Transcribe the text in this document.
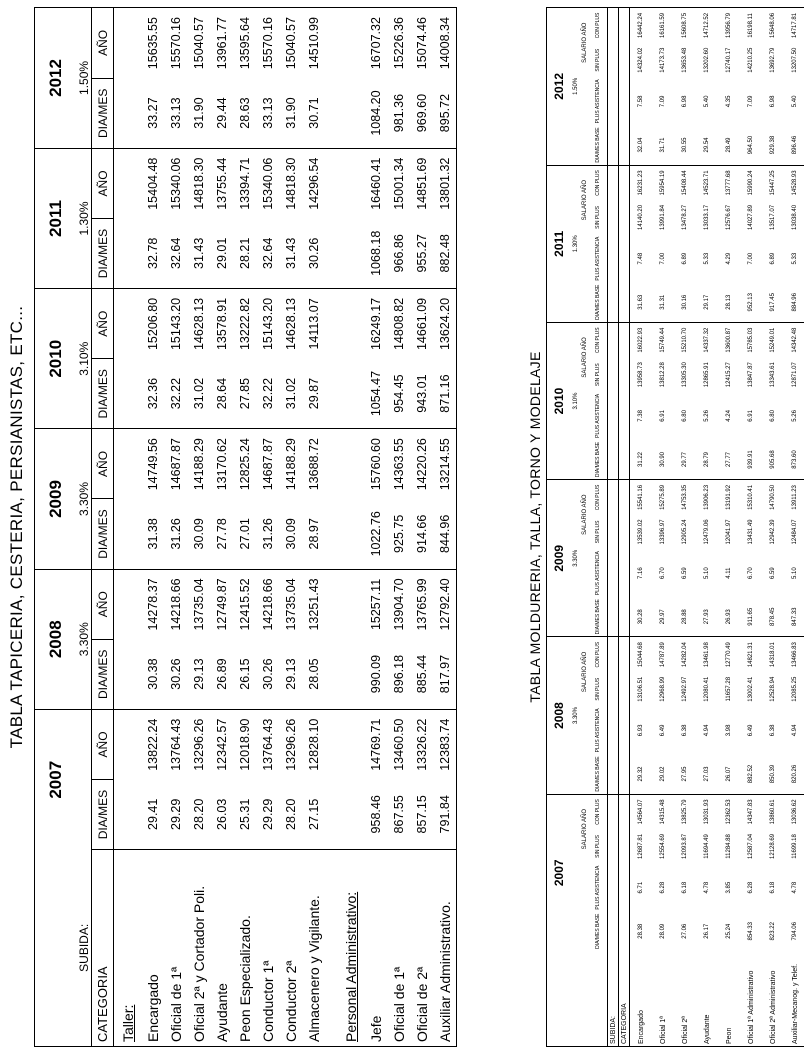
TABLA TAPICERIA, CESTERIA, PERSIANISTAS, ETC...
	2007		2008		2009		2010		2011		2012	
SUBIDA:			3.30%		3.30%		3.10%		1.30%		1.50%	
CATEGORIA	DIA/MES	AÑO	DIA/MES	AÑO	DIA/MES	AÑO	DIA/MES	AÑO	DIA/MES	AÑO	DIA/MES	AÑO
Taller:												
Encargado	29.41	13822.24	30.38	14278.37	31.38	14749.56	32.36	15206.80	32.78	15404.48	33.27	15635.55
Oficial de 1ª	29.29	13764.43	30.26	14218.66	31.26	14687.87	32.22	15143.20	32.64	15340.06	33.13	15570.16
Oficial 2ª y Cortador Poli.	28.20	13296.26	29.13	13735.04	30.09	14188.29	31.02	14628.13	31.43	14818.30	31.90	15040.57
Ayudante	26.03	12342.57	26.89	12749.87	27.78	13170.62	28.64	13578.91	29.01	13755.44	29.44	13961.77
Peon Especializado.	25.31	12018.90	26.15	12415.52	27.01	12825.24	27.85	13222.82	28.21	13394.71	28.63	13595.64
Conductor 1ª	29.29	13764.43	30.26	14218.66	31.26	14687.87	32.22	15143.20	32.64	15340.06	33.13	15570.16
Conductor 2ª	28.20	13296.26	29.13	13735.04	30.09	14188.29	31.02	14628.13	31.43	14818.30	31.90	15040.57
Almacenero y Vigilante.	27.15	12828.10	28.05	13251.43	28.97	13688.72	29.87	14113.07	30.26	14296.54	30.71	14510.99

Personal Administrativo:												
Jefe	958.46	14769.71	990.09	15257.11	1022.76	15760.60	1054.47	16249.17	1068.18	16460.41	1084.20	16707.32
Oficial de 1ª	867.55	13460.50	896.18	13904.70	925.75	14363.55	954.45	14808.82	966.86	15001.34	981.36	15226.36
Oficial de 2ª	857.15	13326.22	885.44	13765.99	914.66	14220.26	943.01	14661.09	955.27	14851.69	969.60	15074.46
Auxiliar Administrativo.	791.84	12383.74	817.97	12792.40	844.96	13214.55	871.16	13624.20	882.48	13801.32	895.72	14008.34
TABLA MOLDURERIA, TALLA, TORNO Y MODELAJE
	2007				2008				2009				2010				2011				2012			
					3.30%				3.30%				3.10%				1.30%				1.50%			
			SALARIO AÑO				SALARIO AÑO				SALARIO AÑO				SALARIO AÑO				SALARIO AÑO				SALARIO AÑO	
	DIA/MES BASE	PLUS ASISTENCIA	SIN PLUS	CON PLUS	DIA/MES BASE	PLUS ASISTENCIA	SIN PLUS	CON PLUS	DIA/MES BASE	PLUS ASISTENCIA	SIN PLUS	CON PLUS	DIA/MES BASE	PLUS ASISTENCIA	SIN PLUS	CON PLUS	DIA/MES BASE	PLUS ASISTENCIA	SIN PLUS	CON PLUS	DIA/MES BASE	PLUS ASISTENCIA	SIN PLUS	CON PLUS
SUBIDA:																								
CATEGORIA																								
Encargado	28.38	6.71	12687.81	14564.07	29.32	6.93	13106.51	15044.68	30.28	7.16	13539.02	15541.16	31.22	7.38	13958.73	16022.93	31.63	7.48	14140.20	16231.23	32.04	7.58	14324.02	16442.24
Oficial 1ª	28.09	6.28	12554.69	14315.48	29.02	6.49	12968.99	14787.89	29.97	6.70	13396.97	15275.89	30.90	6.91	13812.28	15749.44	31.31	7.00	13991.84	15954.19	31.71	7.09	14173.73	16161.59
Oficial 2ª	27.06	6.18	12093.87	13825.79	27.95	6.38	12492.97	14282.04	28.88	6.59	12905.24	14753.35	29.77	6.80	13305.30	15210.70	30.16	6.89	13478.27	15408.44	30.55	6.98	13653.48	15608.75
Ayudante	26.17	4.78	11694.49	13031.93	27.03	4.94	12080.41	13461.98	27.93	5.10	12479.06	13906.23	28.79	5.26	12865.91	14337.32	29.17	5.33	13033.17	14523.71	29.54	5.40	13202.60	14712.52
Peon	25.24	3.85	11284.88	12362.53	26.07	3.98	11657.28	12770.49	26.93	4.11	12041.97	13191.92	27.77	4.24	12415.27	13600.87	28.13	4.29	12576.67	13777.68	28.49	4.35	12740.17	13956.79
Oficial 1ª Administrativo	854.33	6.28	12587.04	14347.83	882.52	6.49	13002.41	14821.31	911.65	6.70	13431.49	15310.41	939.91	6.91	13847.87	15785.03	952.13	7.00	14027.89	15990.24	964.50	7.09	14210.25	16198.11
Oficial 2ª Administrativo	823.22	6.18	12128.69	13860.61	850.39	6.38	12528.94	14318.01	878.45	6.59	12942.39	14790.50	905.68	6.80	13343.61	15249.01	917.45	6.89	13517.07	15447.25	929.38	6.98	13692.79	15648.06
Auxiliar-Mecanog. y Telef.	794.06	4.78	11699.18	13036.62	820.26	4.94	12085.25	13466.83	847.33	5.10	12484.07	13911.23	873.60	5.26	12871.07	14342.48	884.96	5.33	13038.40	14528.93	896.46	5.40	13207.50	14717.81
